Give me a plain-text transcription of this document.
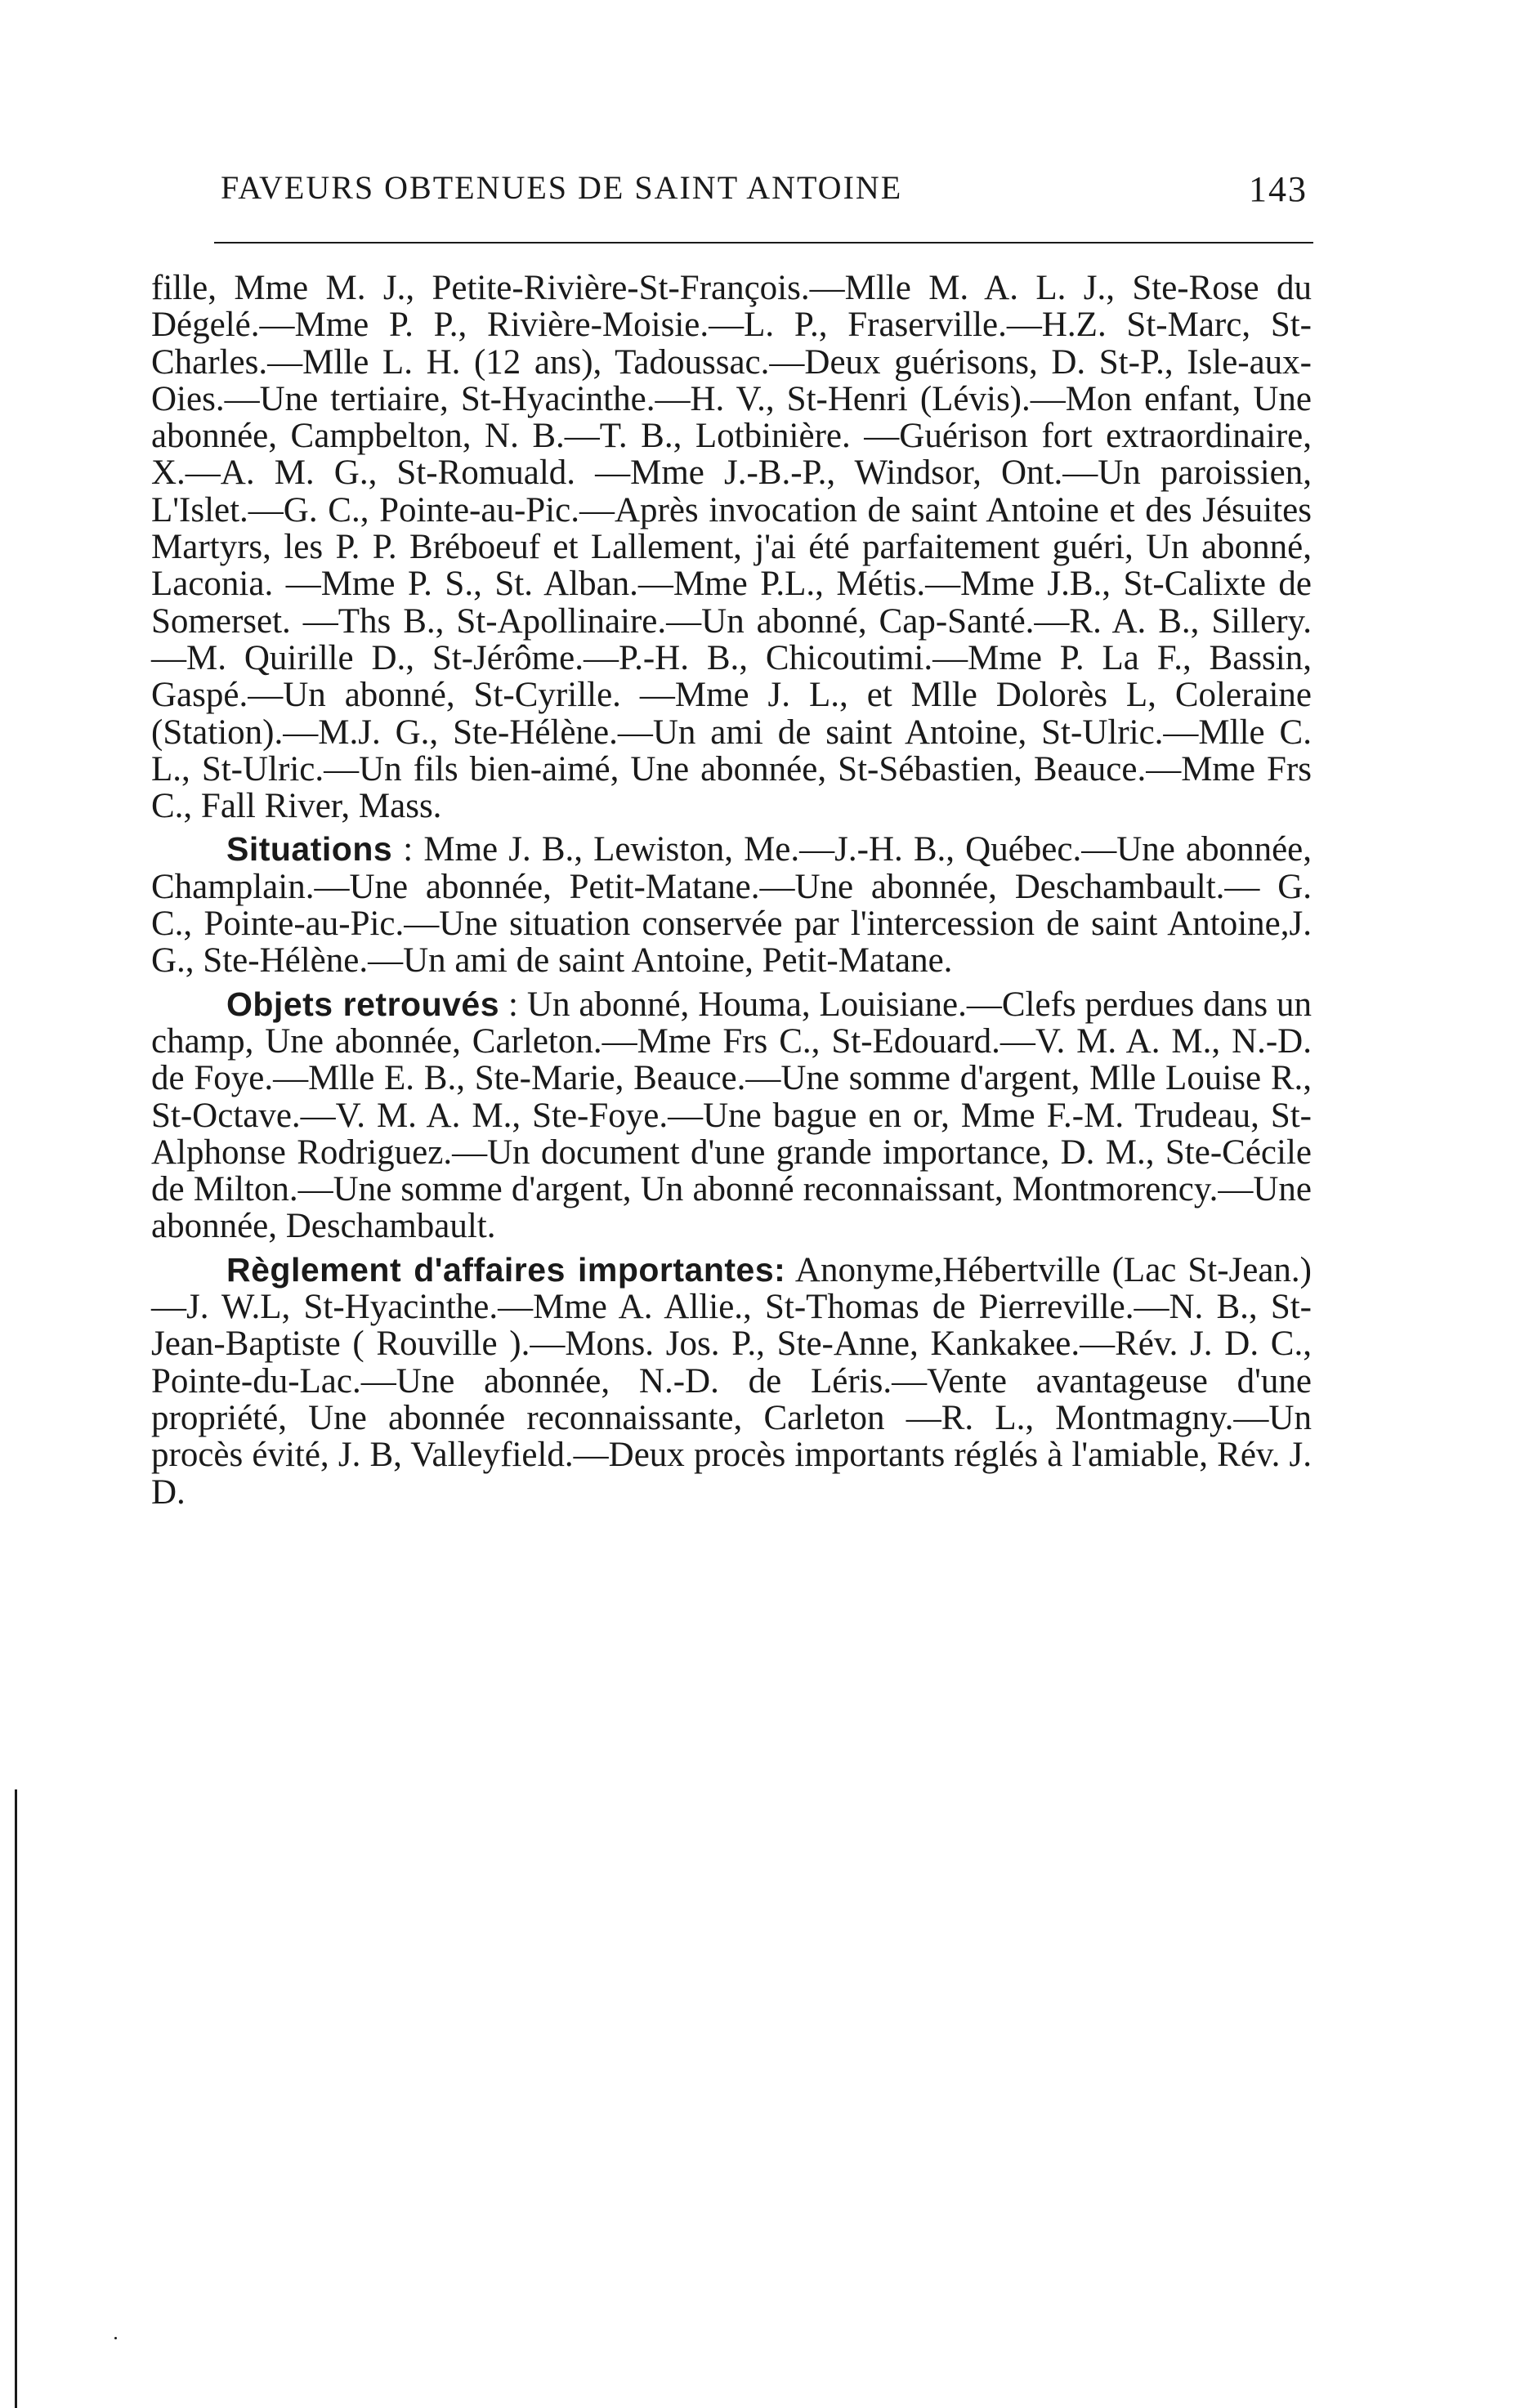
FAVEURS OBTENUES DE SAINT ANTOINE	143

fille, Mme M. J., Petite-Rivière-St-François.—Mlle M. A. L. J., Ste-Rose du Dégelé.—Mme P. P., Rivière-Moisie.—L. P., Fraserville.—H.Z. St-Marc, St-Charles.—Mlle L. H. (12 ans), Tadoussac.—Deux guérisons, D. St-P., Isle-aux-Oies.—Une tertiaire, St-Hyacinthe.—H. V., St-Henri (Lévis).—Mon enfant, Une abonnée, Campbelton, N. B.—T. B., Lotbinière. —Guérison fort extraordinaire, X.—A. M. G., St-Romuald. —Mme J.-B.-P., Windsor, Ont.—Un paroissien, L'Islet.—G. C., Pointe-au-Pic.—Après invocation de saint Antoine et des Jésuites Martyrs, les P. P. Bréboeuf et Lallement, j'ai été parfaitement guéri, Un abonné, Laconia. —Mme P. S., St. Alban.—Mme P.L., Métis.—Mme J.B., St-Calixte de Somerset. —Ths B., St-Apollinaire.—Un abonné, Cap-Santé.—R. A. B., Sillery.—M. Quirille D., St-Jérôme.—P.-H. B., Chicoutimi.—Mme P. La F., Bassin, Gaspé.—Un abonné, St-Cyrille. —Mme J. L., et Mlle Dolorès L, Coleraine (Station).—M.J. G., Ste-Hélène.—Un ami de saint Antoine, St-Ulric.—Mlle C. L., St-Ulric.—Un fils bien-aimé, Une abonnée, St-Sébastien, Beauce.—Mme Frs C., Fall River, Mass.

Situations : Mme J. B., Lewiston, Me.—J.-H. B., Québec.—Une abonnée, Champlain.—Une abonnée, Petit-Matane.—Une abonnée, Deschambault.— G. C., Pointe-au-Pic.—Une situation conservée par l'intercession de saint Antoine,J. G., Ste-Hélène.—Un ami de saint Antoine, Petit-Matane.

Objets retrouvés : Un abonné, Houma, Louisiane.—Clefs perdues dans un champ, Une abonnée, Carleton.—Mme Frs C., St-Edouard.—V. M. A. M., N.-D. de Foye.—Mlle E. B., Ste-Marie, Beauce.—Une somme d'argent, Mlle Louise R., St-Octave.—V. M. A. M., Ste-Foye.—Une bague en or, Mme F.-M. Trudeau, St-Alphonse Rodriguez.—Un document d'une grande importance, D. M., Ste-Cécile de Milton.—Une somme d'argent, Un abonné reconnaissant, Montmorency.—Une abonnée, Deschambault.

Règlement d'affaires importantes: Anonyme,Hébertville (Lac St-Jean.)—J. W.L, St-Hyacinthe.—Mme A. Allie., St-Thomas de Pierreville.—N. B., St-Jean-Baptiste ( Rouville ).—Mons. Jos. P., Ste-Anne, Kankakee.—Rév. J. D. C., Pointe-du-Lac.—Une abonnée, N.-D. de Léris.—Vente avantageuse d'une propriété, Une abonnée reconnaissante, Carleton —R. L., Montmagny.—Un procès évité, J. B, Valleyfield.—Deux procès importants réglés à l'amiable, Rév. J. D.
